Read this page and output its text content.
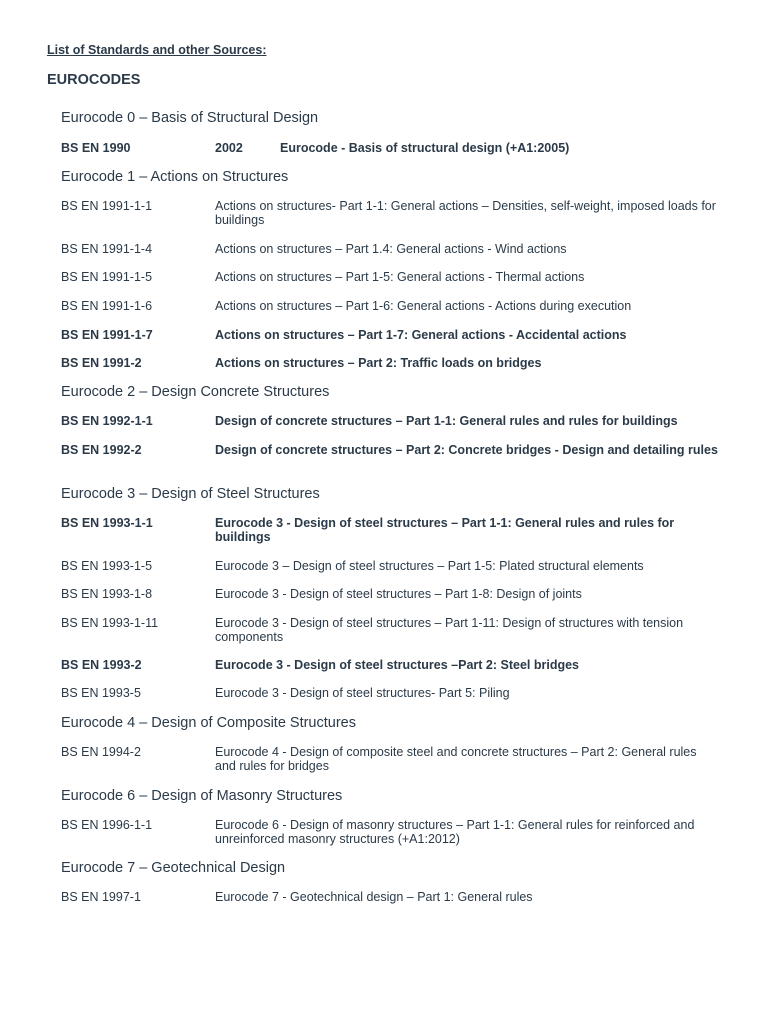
List of Standards and other Sources:
EUROCODES
Eurocode 0 – Basis of Structural Design
BS EN 1990	2002	Eurocode - Basis of structural design (+A1:2005)
Eurocode 1 – Actions on Structures
BS EN 1991-1-1	Actions on structures- Part 1-1: General actions – Densities, self-weight, imposed loads for buildings
BS EN 1991-1-4	Actions on structures – Part 1.4: General actions - Wind actions
BS EN 1991-1-5	Actions on structures – Part 1-5: General actions - Thermal actions
BS EN 1991-1-6	Actions on structures – Part 1-6: General actions - Actions during execution
BS EN 1991-1-7	Actions on structures – Part 1-7: General actions - Accidental actions
BS EN 1991-2	Actions on structures – Part 2: Traffic loads on bridges
Eurocode 2 – Design Concrete Structures
BS EN 1992-1-1	Design of concrete structures – Part 1-1: General rules and rules for buildings
BS EN 1992-2	Design of concrete structures – Part 2: Concrete bridges - Design and detailing rules
Eurocode 3 – Design of Steel Structures
BS EN 1993-1-1	Eurocode 3 - Design of steel structures – Part 1-1: General rules and rules for buildings
BS EN 1993-1-5	Eurocode 3 – Design of steel structures – Part 1-5: Plated structural elements
BS EN 1993-1-8	Eurocode 3 - Design of steel structures – Part 1-8: Design of joints
BS EN 1993-1-11	Eurocode 3 - Design of steel structures – Part 1-11: Design of structures with tension components
BS EN 1993-2	Eurocode 3 - Design of steel structures –Part 2: Steel bridges
BS EN 1993-5	Eurocode 3 - Design of steel structures- Part 5: Piling
Eurocode 4 – Design of Composite Structures
BS EN 1994-2	Eurocode 4 - Design of composite steel and concrete structures – Part 2: General rules and rules for bridges
Eurocode 6 – Design of Masonry Structures
BS EN 1996-1-1	Eurocode 6 - Design of masonry structures – Part 1-1: General rules for reinforced and unreinforced masonry structures (+A1:2012)
Eurocode 7 – Geotechnical Design
BS EN 1997-1	Eurocode 7 - Geotechnical design – Part 1: General rules
